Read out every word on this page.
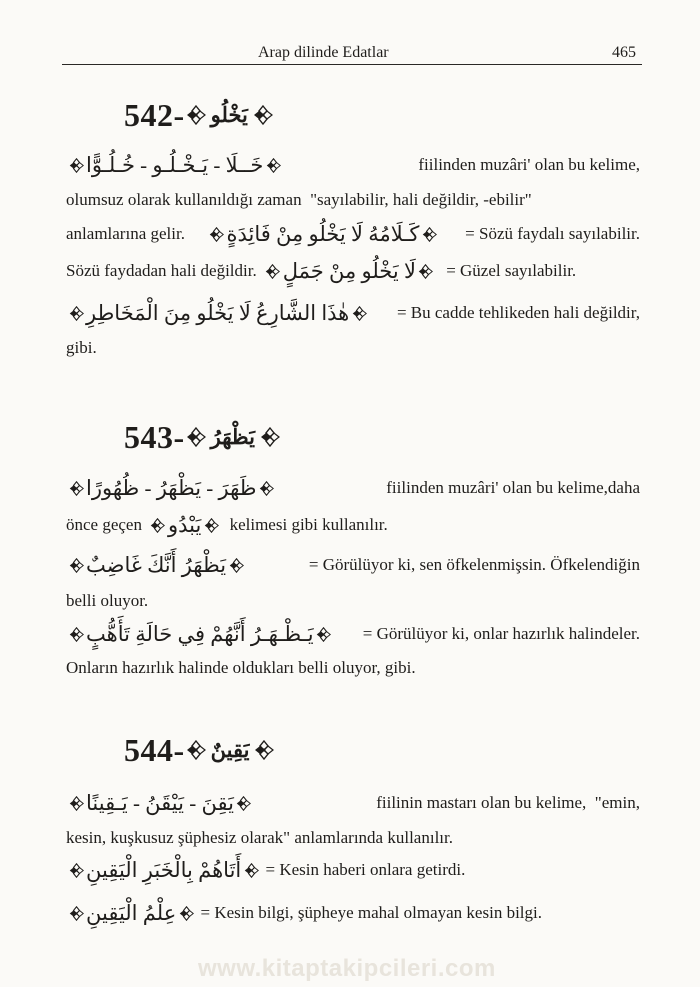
Arap dilinde Edatlar	465
542- يَخْلُو
خَــلَا - يَـخْـلُـو - خُـلُـوًّا	fiilinden muzâri' olan bu kelime,
olumsuz olarak kullanıldığı zaman  "sayılabilir, hali değildir, -ebilir"
anlamlarına gelir. كَـلَامُهُ لَا يَخْلُو مِنْ فَائِدَةٍ = Sözü faydalı sayılabilir.
Sözü faydadan hali değildir. لَا يَخْلُو مِنْ جَمَلٍ = Güzel sayılabilir.
هٰذَا الشَّارِعُ لَا يَخْلُو مِنَ الْمَخَاطِرِ	= Bu cadde tehlikeden hali değildir,
gibi.
543- يَظْهَرُ
ظَهَرَ - يَظْهَرُ - ظُهُورًا	fiilinden muzâri' olan bu kelime,daha
önce geçen يَبْدُو kelimesi gibi kullanılır.
يَظْهَرُ أَنَّكَ غَاضِبٌ	= Görülüyor ki, sen öfkelenmişsin. Öfkelendiğin
belli oluyor.
يَـظْـهَـرُ أَنَّهُمْ فِي حَالَةِ تَأَهُّبٍ	= Görülüyor ki, onlar hazırlık halindeler.
Onların hazırlık halinde oldukları belli oluyor, gibi.
544- يَقِينٌ
يَقِنَ - يَيْقَنُ - يَـقِينًا	fiilinin mastarı olan bu kelime,  "emin,
kesin, kuşkusuz şüphesiz olarak" anlamlarında kullanılır.
أَتَاهُمْ بِالْخَبَرِ الْيَقِينِ = Kesin haberi onlara getirdi.
عِلْمُ الْيَقِينِ = Kesin bilgi, şüpheye mahal olmayan kesin bilgi.
www.kitaptakipcileri.com
